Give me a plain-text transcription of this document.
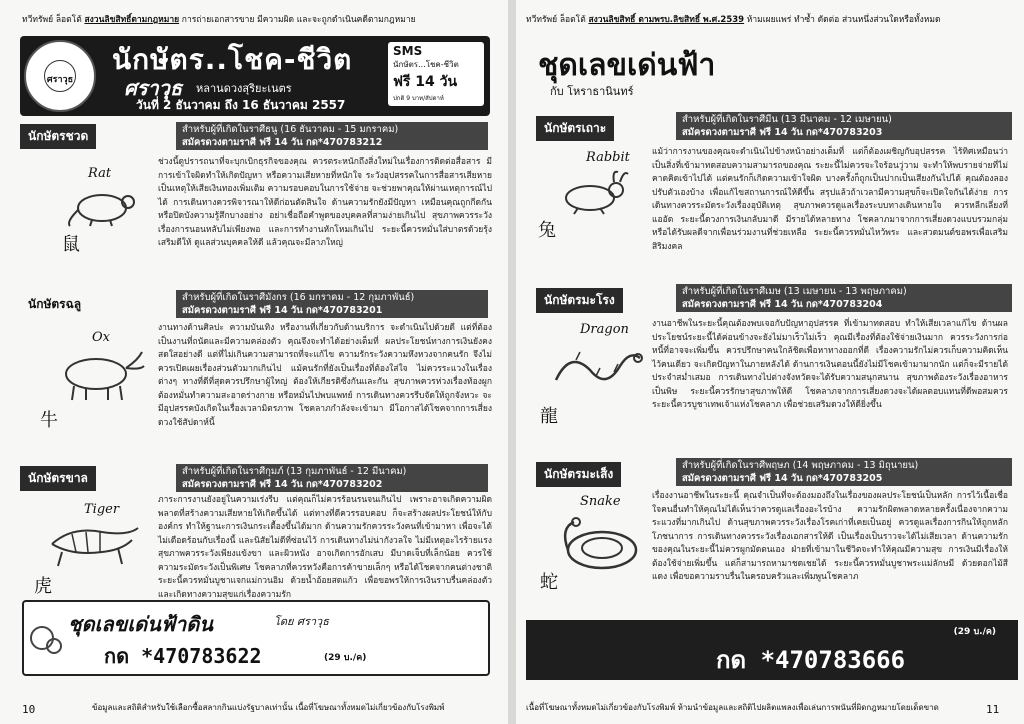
ทวีทรัพย์ ล็อตโต้ สงวนลิขสิทธิ์ตามกฎหมาย การถ่ายเอกสารขาย มีความผิด และจะถูกดำเนินคดีตามกฎหมาย
ศราวุธ
นักษัตร..โชค-ชีวิต
ศราวุธ หลานดวงสุริยะเนตร
วันที่ 2 ธันวาคม ถึง 16 ธันวาคม 2557
SMS
นักษัตร...โชค-ชีวิต
ฟรี 14 วัน
ปกติ 9 บาท/สัปดาห์
นักษัตรชวด	สำหรับผู้ที่เกิดในราศีธนู (16 ธันวาคม - 15 มกราคม)
สมัครดวงตามราศี ฟรี 14 วัน กด*470783212
Rat
鼠
ช่วงนี้ดูปรารถนาที่จะบุกเบิกธุรกิจของคุณ ควรตระหนักถึงสิ่งใหม่ในเรื่องการติดต่อสื่อสาร มีการเข้าใจผิดทำให้เกิดปัญหา หรือความเสียหายที่หนักใจ ระวังอุปสรรคในการสื่อสารเสียหาย เป็นเหตุให้เสียเงินทองเพิ่มเติม ความรอบคอบในการใช้จ่าย จะช่วยพาคุณให้ผ่านเหตุการณ์ไปได้ การเดินทางควรพิจารณาให้ดีก่อนตัดสินใจ ด้านความรักยังมีปัญหา เหมือนคุณถูกกีดกัน หรือปิดบังความรู้สึกบางอย่าง อย่าเชื่อถือคำพูดของบุคคลที่สามง่ายเกินไป สุขภาพควรระวังเรื่องการนอนหลับไม่เพียงพอ และการทำงานหักโหมเกินไป ระยะนี้ควรหมั่นใส่บาตรด้วยรุ้งเสริมดีให้ ดูแลส่วนบุคคลให้ดี แล้วคุณจะมีลาภใหญ่
นักษัตรฉลู	สำหรับผู้ที่เกิดในราศีมังกร (16 มกราคม - 12 กุมภาพันธ์)
สมัครดวงตามราศี ฟรี 14 วัน กด*470783201
Ox
牛
งานทางด้านศิลปะ ความบันเทิง หรืองานที่เกี่ยวกับด้านบริการ จะดำเนินไปด้วยดี แต่ที่ต้องเป็นงานที่ถนัดและมีความคล่องตัว คุณจึงจะทำได้อย่างเต็มที่ ผลประโยชน์ทางการเงินยังคงสดใสอย่างดี แต่ที่ไม่เกินความสามารถที่จะแก้ไข ความรักระวังความหึงหวงจากคนรัก จึงไม่ควรเปิดเผยเรื่องส่วนตัวมากเกินไป แม้คนรักที่ยังเป็นเรื่องที่ต้องใส่ใจ ไม่ควรระแวงในเรื่องต่างๆ ทางที่ดีที่สุดควรปรึกษาผู้ใหญ่ ต้องให้เกียรติซึ่งกันและกัน สุขภาพควรห่วงเรื่องท้องผูก ต้องหมั่นทำความสะอาดร่างกาย หรือหมั่นไปพบแพทย์ การเดินทางควรรีบจัดให้ถูกจังหวะ จะมีอุปสรรคบังเกิดในเรื่องเวลามิตรภาพ โชคลาภกำลังจะเข้ามา มีโอกาสได้โชคจากการเสี่ยงดวงใช้สัปดาห์นี้
นักษัตรขาล	สำหรับผู้ที่เกิดในราศีกุมภ์ (13 กุมภาพันธ์ - 12 มีนาคม)
สมัครดวงตามราศี ฟรี 14 วัน กด*470783202
Tiger
虎
ภาระการงานยังอยู่ในความเร่งรีบ แต่คุณก็ไม่ควรร้อนรนจนเกินไป เพราะอาจเกิดความผิดพลาดที่สร้างความเสียหายให้เกิดขึ้นได้ แต่ทางที่ดีควรรอบคอบ ก็จะสร้างผลประโยชน์ให้กับองค์กร ทำให้ฐานะการเงินกระเตื้องขึ้นได้มาก ด้านความรักควรระวังคนที่เข้ามาหา เพื่อจะได้ไม่เดือดร้อนกับเรื่องนี้ และนิสัยไม่ดีที่ซ่อนไว้ การเดินทางไม่น่ากังวลใจ ไม่มีเหตุอะไรร้ายแรง สุขภาพควรระวังเพียงแข้งขา และผิวหนัง อาจเกิดการอักเสบ มีบาดเจ็บที่เล็กน้อย ควรใช้ความระมัดระวังเป็นพิเศษ โชคลาภที่ควรหวังคือการค้าขายเล็กๆ หรือได้โชคจากคนต่างชาติ ระยะนี้ควรหมั่นบูชาแจกแม่กวนอิม ด้วยน้ำอ้อยสดแก้ว เพื่อขอพรให้การเงินราบรื่นคล่องตัว และเกิดทางความสุขแก่เรื่องความรัก
ชุดเลขเด่นฟ้าดิน	โดย ศราวุธ
กด *470783622	(29 บ./ค)
10	ข้อมูลและสถิติสำหรับใช้เลือกซื้อสลากกินแบ่งรัฐบาลเท่านั้น เนื้อที่โฆษณาทั้งหมดไม่เกี่ยวข้องกับโรงพิมพ์
ทวีทรัพย์ ล็อตโต้ สงวนลิขสิทธิ์ ตามพรบ.ลิขสิทธิ์ พ.ศ.2539 ห้ามเผยแพร่ ทำซ้ำ ดัดต่อ ส่วนหนึ่งส่วนใดหรือทั้งหมด
ชุดเลขเด่นฟ้า
กับ โหราธานินทร์
นักษัตรเถาะ
สำหรับผู้ที่เกิดในราศีมีน (13 มีนาคม - 12 เมษายน)
สมัครดวงตามราศี ฟรี 14 วัน กด*470783203
Rabbit
兔
แม้ว่าการงานของคุณจะดำเนินไปข้างหน้าอย่างเต็มที่ แต่ก็ต้องเผชิญกับอุปสรรค ไร้ทิศเหมือนว่าเป็นสิ่งที่เข้ามาทดสอบความสามารถของคุณ ระยะนี้ไม่ควรจะใจร้อนวู่วาม จะทำให้พบรายจ่ายที่ไม่คาดคิดเข้าไปได้ แต่คนรักก็เกิดความเข้าใจผิด บางครั้งก็ถูกเป็นปากเป็นเสียงกันไปได้ คุณต้องลองปรับตัวเองบ้าง เพื่อแก้ไขสถานการณ์ให้ดีขึ้น สรุปแล้วถ้าเวลามีความสุขก็จะเปิดใจกันได้ง่าย การเดินทางควรระมัดระวังเรื่องอุบัติเหตุ สุขภาพควรดูแลเรื่องระบบทางเดินหายใจ ควรหลีกเลี่ยงที่แออัด ระยะนี้ดวงการเงินกลับมาดี มีรายได้หลายทาง โชคลาภมาจากการเสี่ยงดวงแบบรวมกลุ่ม หรือได้รับผลดีจากเพื่อนร่วมงานที่ช่วยเหลือ ระยะนี้ควรหมั่นไหว้พระ และสวดมนต์ขอพรเพื่อเสริมสิริมงคล
นักษัตรมะโรง
สำหรับผู้ที่เกิดในราศีเมษ (13 เมษายน - 13 พฤษภาคม)
สมัครดวงตามราศี ฟรี 14 วัน กด*470783204
Dragon
龍
งานอาชีพในระยะนี้คุณต้องพบเจอกับปัญหาอุปสรรค ที่เข้ามาทดสอบ ทำให้เสียเวลาแก้ไข ด้านผลประโยชน์ระยะนี้ได้ค่อนข้างจะยังไม่มาเร็วไม่เร็ว คุณมีเรื่องที่ต้องใช้จ่ายเงินมาก ควรระวังการก่อหนี้ที่อาจจะเพิ่มขึ้น ควรปรึกษาคนใกล้ชิดเพื่อหาทางออกที่ดี เรื่องความรักไม่ควรเก็บความคิดเห็นไว้คนเดียว จะเกิดปัญหาในภายหลังได้ ด้านการเงินตอนนี้ยังไม่มีโชคเข้ามามากนัก แต่ก็จะมีรายได้ประจำสม่ำเสมอ การเดินทางไปต่างจังหวัดจะได้รับความสนุกสนาน สุขภาพต้องระวังเรื่องอาหารเป็นพิษ ระยะนี้ควรรักษาสุขภาพให้ดี โชคลาภจากการเสี่ยงดวงจะได้ผลตอบแทนที่ดีพอสมควร ระยะนี้ควรบูชาเทพเจ้าแห่งโชคลาภ เพื่อช่วยเสริมดวงให้ดียิ่งขึ้น
นักษัตรมะเส็ง
สำหรับผู้ที่เกิดในราศีพฤษภ (14 พฤษภาคม - 13 มิถุนายน)
สมัครดวงตามราศี ฟรี 14 วัน กด*470783205
Snake
蛇
เรื่องงานอาชีพในระยะนี้ คุณจำเป็นที่จะต้องมองถึงในเรื่องของผลประโยชน์เป็นหลัก การไว้เนื้อเชื่อใจคนอื่นทำให้คุณไม่ได้เห็นว่าควรดูแลเรื่องอะไรบ้าง ความรักผิดพลาดหลายครั้งเนื่องจากความระแวงที่มากเกินไป ด้านสุขภาพควรระวังเรื่องโรคเก่าที่เคยเป็นอยู่ ควรดูแลเรื่องการกินให้ถูกหลักโภชนาการ การเดินทางควรระวังเรื่องเอกสารให้ดี เป็นเรื่องเป็นราวจะได้ไม่เสียเวลา ด้านความรักของคุณในระยะนี้ไม่ควรผูกมัดตนเอง ฝ่ายที่เข้ามาในชีวิตจะทำให้คุณมีความสุข การเงินมีเรื่องให้ต้องใช้จ่ายเพิ่มขึ้น แต่ก็สามารถหามาชดเชยได้ ระยะนี้ควรหมั่นบูชาพระแม่ลักษมี ด้วยดอกไม้สีแดง เพื่อขอความราบรื่นในครอบครัวและเพิ่มพูนโชคลาภ
(29 บ./ค)
กด *470783666
เนื้อที่โฆษณาทั้งหมดไม่เกี่ยวข้องกับโรงพิมพ์ ห้ามนำข้อมูลและสถิติไปผลิตแพลงเพื่อเล่นการพนันที่ผิดกฎหมายโดยเด็ดขาด	11
